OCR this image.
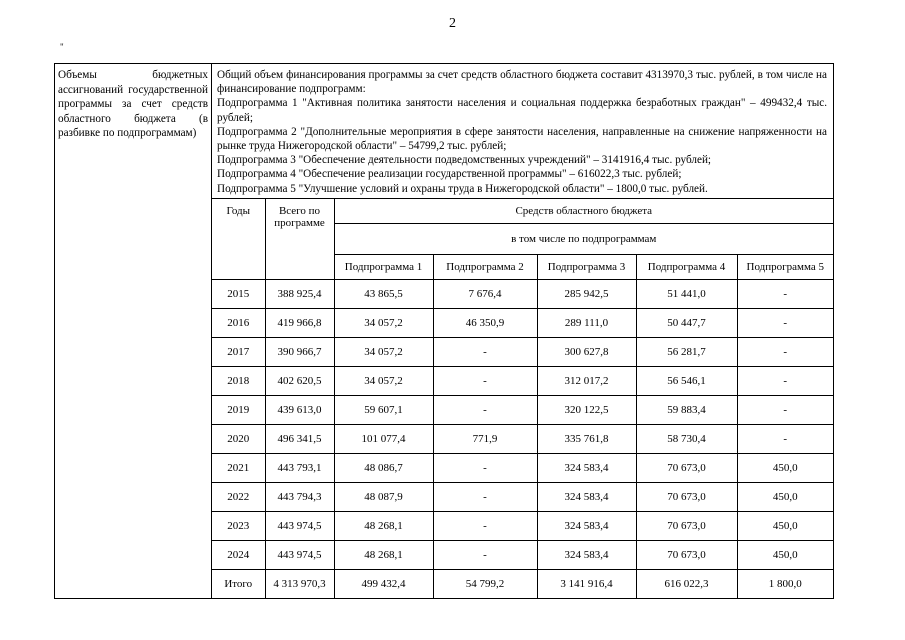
2
"
Объемы бюджетных ассигнований государственной программы за счет средств областного бюджета (в разбивке по подпрограммам)	
Общий объем финансирования программы за счет средств областного бюджета составит 4313970,3 тыс. рублей, в том числе на финансирование подпрограмм:
Подпрограмма 1 "Активная политика занятости населения и социальная поддержка безработных граждан" – 499432,4 тыс. рублей;
Подпрограмма 2 "Дополнительные мероприятия в сфере занятости населения, направленные на снижение напряженности на рынке труда Нижегородской области" – 54799,2 тыс. рублей;
Подпрограмма 3 "Обеспечение деятельности подведомственных учреждений" – 3141916,4 тыс. рублей;
Подпрограмма 4 "Обеспечение реализации государственной программы" – 616022,3 тыс. рублей;
Подпрограмма 5 "Улучшение условий и охраны труда в Нижегородской области" – 1800,0 тыс. рублей.
Годы	Всего по программе	Средств областного бюджета
в том числе по подпрограммам
Подпрограмма 1	Подпрограмма 2	Подпрограмма 3	Подпрограмма 4	Подпрограмма 5
2015	388 925,4	43 865,5	7 676,4	285 942,5	51 441,0	-
2016	419 966,8	34 057,2	46 350,9	289 111,0	50 447,7	-
2017	390 966,7	34 057,2	-	300 627,8	56 281,7	-
2018	402 620,5	34 057,2	-	312 017,2	56 546,1	-
2019	439 613,0	59 607,1	-	320 122,5	59 883,4	-
2020	496 341,5	101 077,4	771,9	335 761,8	58 730,4	-
2021	443 793,1	48 086,7	-	324 583,4	70 673,0	450,0
2022	443 794,3	48 087,9	-	324 583,4	70 673,0	450,0
2023	443 974,5	48 268,1	-	324 583,4	70 673,0	450,0
2024	443 974,5	48 268,1	-	324 583,4	70 673,0	450,0
Итого	4 313 970,3	499 432,4	54 799,2	3 141 916,4	616 022,3	1 800,0
